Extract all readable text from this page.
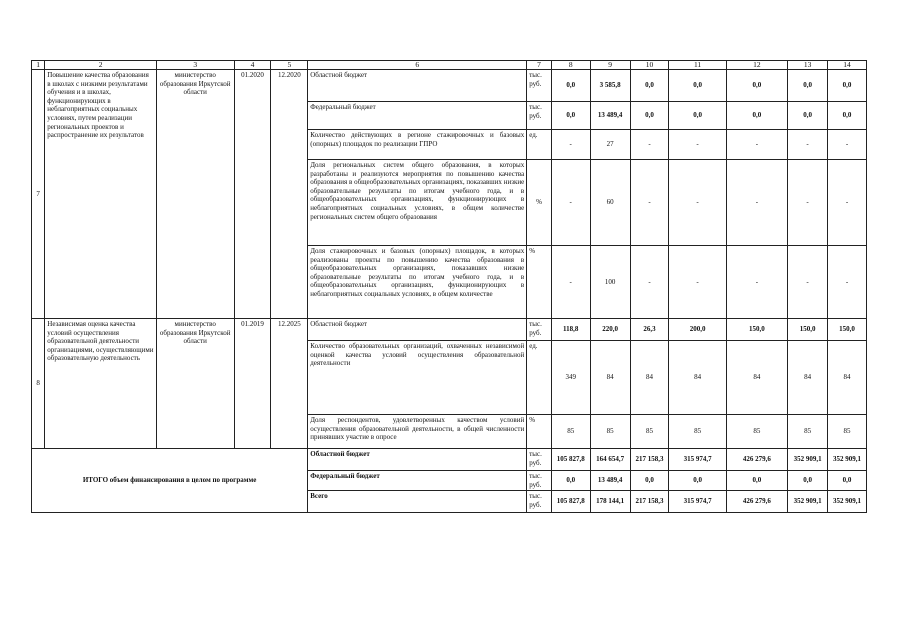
1	2	3	4	5	6	7	8	9	10	11	12	13	14
7	Повышение качества образования в школах с низкими результатами обучения и в школах, функционирующих в неблагоприятных социальных условиях, путем реализации региональных проектов и распространение их результатов	министерство образования Иркутской области	01.2020	12.2020	Областной бюджет	тыс. руб.	0,0	3 585,8	0,0	0,0	0,0	0,0	0,0
					Федеральный бюджет	тыс. руб.	0,0	13 489,4	0,0	0,0	0,0	0,0	0,0
					Количество действующих в регионе стажировочных и базовых (опорных) площадок по реализации ГПРО	ед.	-	27	-	-	-	-	-
					Доля региональных систем общего образования, в которых разработаны и реализуются мероприятия по повышению качества образования в общеобразовательных организациях, показавших низкие образовательные результаты по итогам учебного года, и в общеобразовательных организациях, функционирующих в неблагоприятных социальных условиях, в общем количестве региональных систем общего образования	%	-	60	-	-	-	-	-
					Доля стажировочных и базовых (опорных) площадок, в которых реализованы проекты по повышению качества образования в общеобразовательных организациях, показавших низкие образовательные результаты по итогам учебного года, и в общеобразовательных организациях, функционирующих в неблагоприятных социальных условиях, в общем количестве	%	-	100	-	-	-	-	-
8	Независимая оценка качества условий осуществления образовательной деятельности организациями, осуществляющими образовательную деятельность	министерство образования Иркутской области	01.2019	12.2025	Областной бюджет	тыс. руб.	118,8	220,0	26,3	200,0	150,0	150,0	150,0
					Количество образовательных организаций, охваченных независимой оценкой качества условий осуществления образовательной деятельности	ед.	349	84	84	84	84	84	84
					Доля респондентов, удовлетворенных качеством условий осуществления образовательной деятельности, в общей численности принявших участие в опросе	%	85	85	85	85	85	85	85
ИТОГО объем финансирования в целом по программе					Областной бюджет	тыс. руб.	105 827,8	164 654,7	217 158,3	315 974,7	426 279,6	352 909,1	352 909,1
					Федеральный бюджет	тыс. руб.	0,0	13 489,4	0,0	0,0	0,0	0,0	0,0
					Всего	тыс. руб.	105 827,8	178 144,1	217 158,3	315 974,7	426 279,6	352 909,1	352 909,1
